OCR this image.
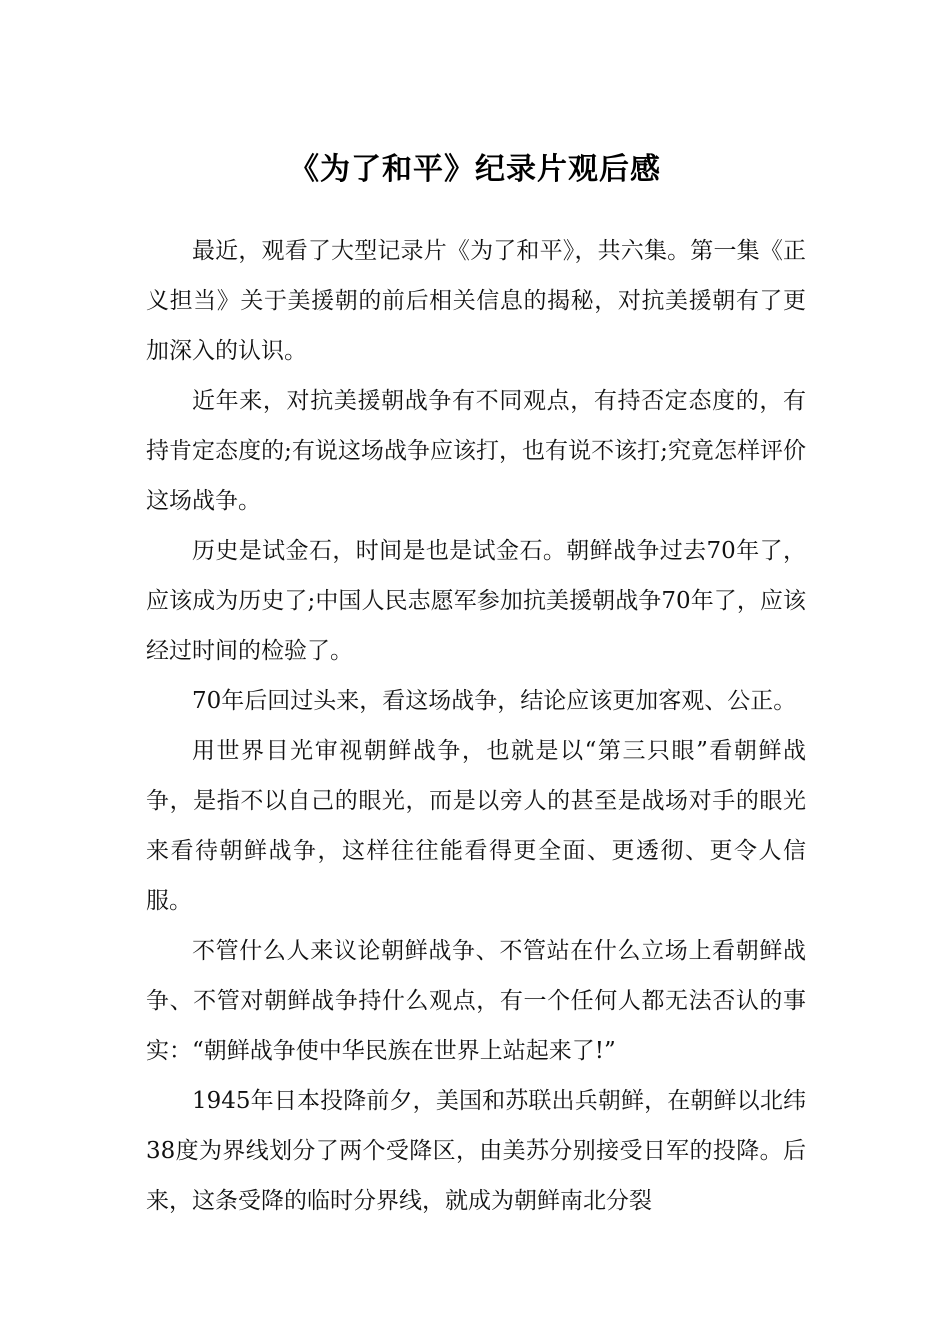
《为了和平》纪录片观后感

最近，观看了大型记录片《为了和平》，共六集。第一集《正义担当》关于美援朝的前后相关信息的揭秘，对抗美援朝有了更加深入的认识。

近年来，对抗美援朝战争有不同观点，有持否定态度的，有持肯定态度的;有说这场战争应该打，也有说不该打;究竟怎样评价这场战争。

历史是试金石，时间是也是试金石。朝鲜战争过去70年了，应该成为历史了;中国人民志愿军参加抗美援朝战争70年了，应该经过时间的检验了。

70年后回过头来，看这场战争，结论应该更加客观、公正。

用世界目光审视朝鲜战争，也就是以“第三只眼”看朝鲜战争，是指不以自己的眼光，而是以旁人的甚至是战场对手的眼光来看待朝鲜战争，这样往往能看得更全面、更透彻、更令人信服。

不管什么人来议论朝鲜战争、不管站在什么立场上看朝鲜战争、不管对朝鲜战争持什么观点，有一个任何人都无法否认的事实：“朝鲜战争使中华民族在世界上站起来了!”

1945年日本投降前夕，美国和苏联出兵朝鲜，在朝鲜以北纬38度为界线划分了两个受降区，由美苏分别接受日军的投降。后来，这条受降的临时分界线，就成为朝鲜南北分裂
